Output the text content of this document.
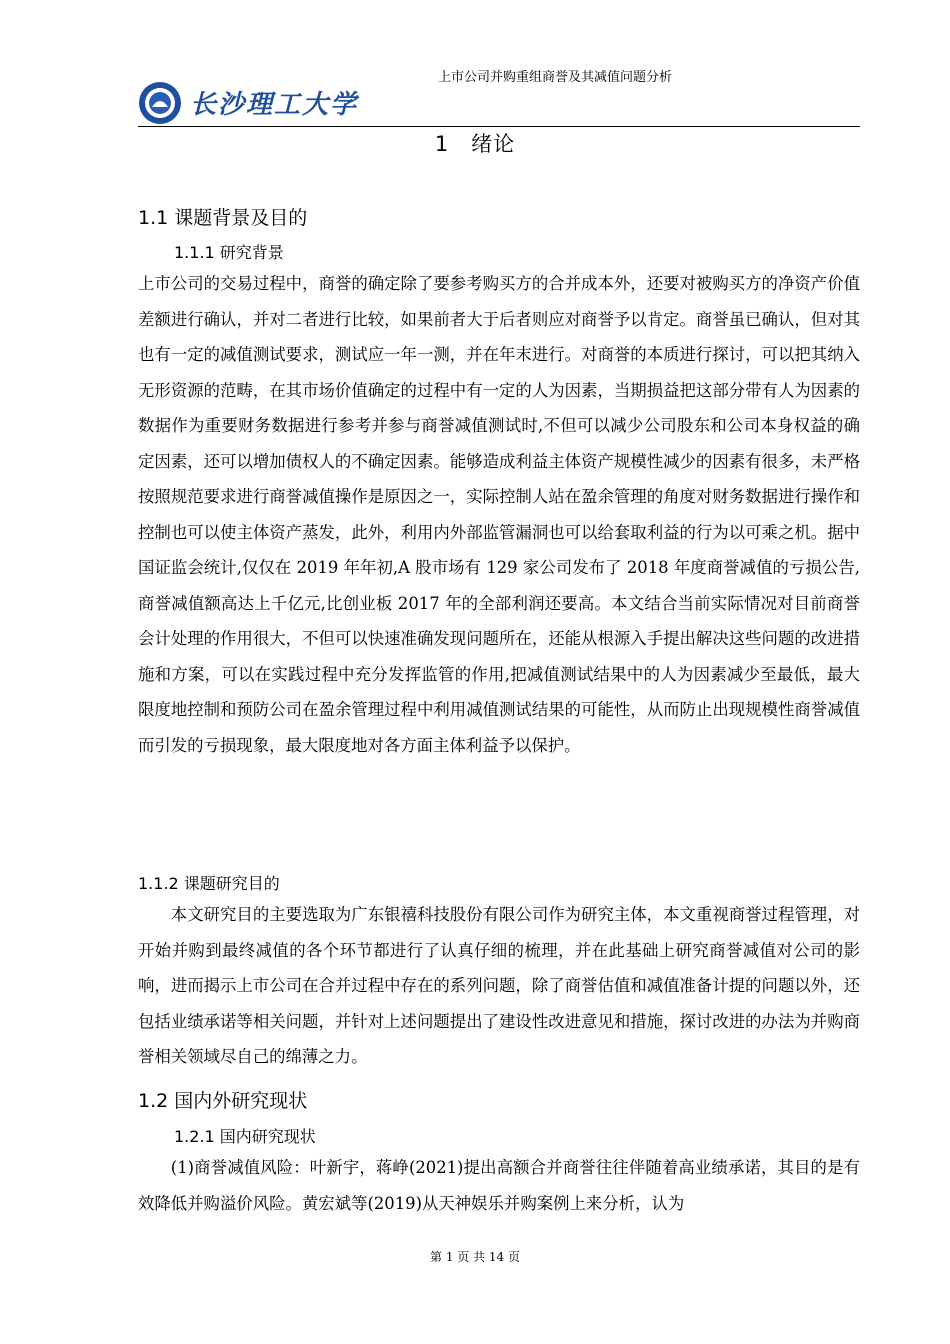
长沙理工大学
上市公司并购重组商誉及其减值问题分析
1　绪论
1.1 课题背景及目的
1.1.1 研究背景

上市公司的交易过程中，商誉的确定除了要参考购买方的合并成本外，还要对被购买方的净资产价值差额进行确认，并对二者进行比较，如果前者大于后者则应对商誉予以肯定。商誉虽已确认，但对其也有一定的减值测试要求，测试应一年一测，并在年末进行。对商誉的本质进行探讨，可以把其纳入无形资源的范畴，在其市场价值确定的过程中有一定的人为因素，当期损益把这部分带有人为因素的数据作为重要财务数据进行参考并参与商誉减值测试时,不但可以减少公司股东和公司本身权益的确定因素，还可以增加债权人的不确定因素。能够造成利益主体资产规模性减少的因素有很多，未严格按照规范要求进行商誉减值操作是原因之一，实际控制人站在盈余管理的角度对财务数据进行操作和控制也可以使主体资产蒸发，此外，利用内外部监管漏洞也可以给套取利益的行为以可乘之机。据中国证监会统计,仅仅在 2019 年年初,A 股市场有 129 家公司发布了 2018 年度商誉减值的亏损公告,商誉减值额高达上千亿元,比创业板 2017 年的全部利润还要高。本文结合当前实际情况对目前商誉会计处理的作用很大，不但可以快速准确发现问题所在，还能从根源入手提出解决这些问题的改进措施和方案，可以在实践过程中充分发挥监管的作用,把减值测试结果中的人为因素减少至最低，最大限度地控制和预防公司在盈余管理过程中利用减值测试结果的可能性，从而防止出现规模性商誉减值而引发的亏损现象，最大限度地对各方面主体利益予以保护。

1.1.2 课题研究目的

本文研究目的主要选取为广东银禧科技股份有限公司作为研究主体，本文重视商誉过程管理，对开始并购到最终减值的各个环节都进行了认真仔细的梳理，并在此基础上研究商誉减值对公司的影响，进而揭示上市公司在合并过程中存在的系列问题，除了商誉估值和减值准备计提的问题以外，还包括业绩承诺等相关问题，并针对上述问题提出了建设性改进意见和措施，探讨改进的办法为并购商誉相关领域尽自己的绵薄之力。

1.2 国内外研究现状
1.2.1 国内研究现状

(1)商誉减值风险：叶新宇，蒋峥(2021)提出高额合并商誉往往伴随着高业绩承诺，其目的是有效降低并购溢价风险。黄宏斌等(2019)从天神娱乐并购案例上来分析，认为

第 1 页 共 14 页
